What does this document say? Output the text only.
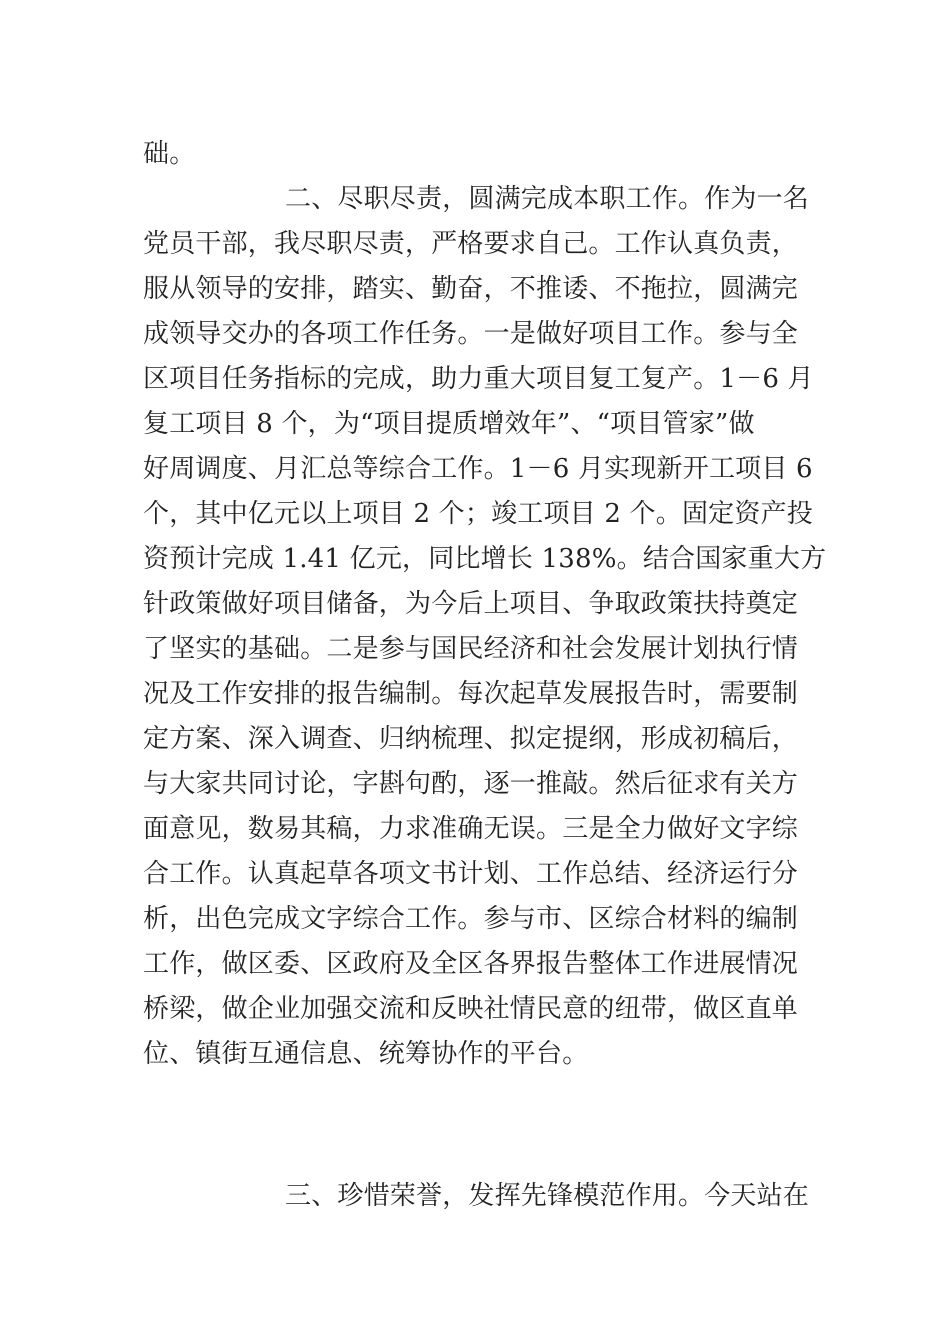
础。
二、尽职尽责，圆满完成本职工作。作为一名
党员干部，我尽职尽责，严格要求自己。工作认真负责，
服从领导的安排，踏实、勤奋，不推诿、不拖拉，圆满完
成领导交办的各项工作任务。一是做好项目工作。参与全
区项目任务指标的完成，助力重大项目复工复产。1－6 月
复工项目 8 个，为“项目提质增效年”、“项目管家”做
好周调度、月汇总等综合工作。1－6 月实现新开工项目 6
个，其中亿元以上项目 2 个；竣工项目 2 个。固定资产投
资预计完成 1.41 亿元，同比增长 138%。结合国家重大方
针政策做好项目储备，为今后上项目、争取政策扶持奠定
了坚实的基础。二是参与国民经济和社会发展计划执行情
况及工作安排的报告编制。每次起草发展报告时，需要制
定方案、深入调查、归纳梳理、拟定提纲，形成初稿后，
与大家共同讨论，字斟句酌，逐一推敲。然后征求有关方
面意见，数易其稿，力求准确无误。三是全力做好文字综
合工作。认真起草各项文书计划、工作总结、经济运行分
析，出色完成文字综合工作。参与市、区综合材料的编制
工作，做区委、区政府及全区各界报告整体工作进展情况
桥梁，做企业加强交流和反映社情民意的纽带，做区直单
位、镇街互通信息、统筹协作的平台。
三、珍惜荣誉，发挥先锋模范作用。今天站在
